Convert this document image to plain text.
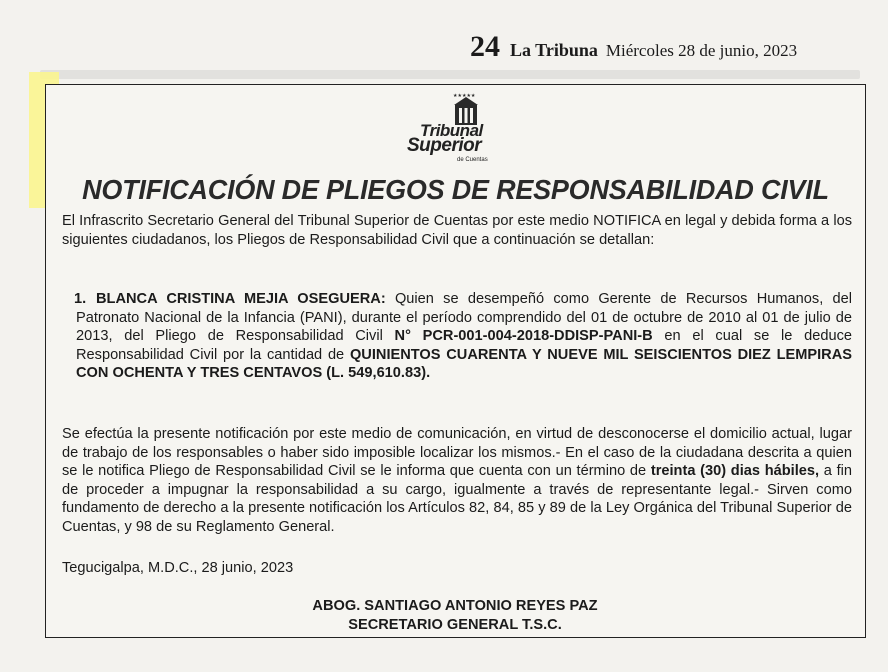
24 La Tribuna Miércoles 28 de junio, 2023
★★★★★
Tribunal
Superior
de Cuentas
NOTIFICACIÓN DE PLIEGOS DE RESPONSABILIDAD CIVIL
El Infrascrito Secretario General del Tribunal Superior de Cuentas por este medio NOTIFICA en legal y debida forma a los siguientes ciudadanos, los Pliegos de Responsabilidad Civil que a continuación se detallan:
1. BLANCA CRISTINA MEJIA OSEGUERA: Quien se desempeñó como Gerente de Recursos Humanos, del Patronato Nacional de la Infancia (PANI), durante el período comprendido del 01 de octubre de 2010 al 01 de julio de 2013, del Pliego de Responsabilidad Civil N° PCR-001-004-2018-DDISP-PANI-B en el cual se le deduce Responsabilidad Civil por la cantidad de QUINIENTOS CUARENTA Y NUEVE MIL SEISCIENTOS DIEZ LEMPIRAS CON OCHENTA Y TRES CENTAVOS (L. 549,610.83).
Se efectúa la presente notificación por este medio de comunicación, en virtud de desconocerse el domicilio actual, lugar de trabajo de los responsables o haber sido imposible localizar los mismos.- En el caso de la ciudadana descrita a quien se le notifica Pliego de Responsabilidad Civil se le informa que cuenta con un término de treinta (30) dias hábiles, a fin de proceder a impugnar la responsabilidad a su cargo, igualmente a través de representante legal.- Sirven como fundamento de derecho a la presente notificación los Artículos 82, 84, 85 y 89 de la Ley Orgánica del Tribunal Superior de Cuentas, y 98 de su Reglamento General.
Tegucigalpa, M.D.C., 28 junio, 2023
ABOG. SANTIAGO ANTONIO REYES PAZ
SECRETARIO GENERAL T.S.C.
